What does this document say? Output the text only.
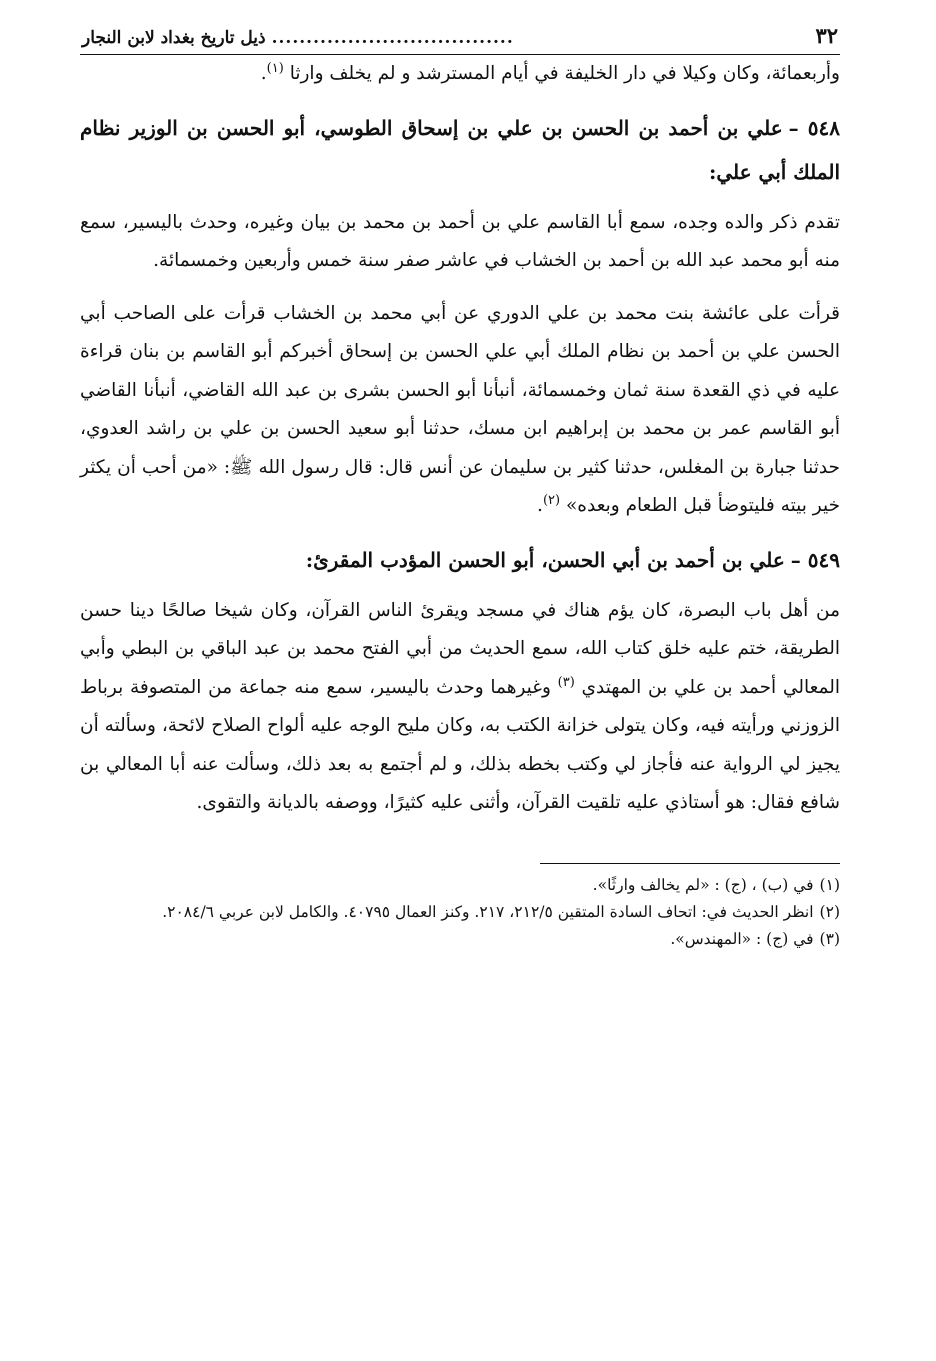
٣٢
...................................
ذيل تاريخ بغداد لابن النجار

وأربعمائة، وكان وكيلا في دار الخليفة في أيام المسترشد و لم يخلف وارثا $^{(١)}$.

٥٤٨ –علي بن أحمد بن الحسن بن علي بن إسحاق الطوسي، أبو الحسن بن الوزير نظام الملك أبي علي:

تقدم ذكر والده وجده، سمع أبا القاسم علي بن أحمد بن محمد بن بيان وغيره، وحدث باليسير، سمع منه أبو محمد عبد الله بن أحمد بن الخشاب في عاشر صفر سنة خمس وأربعين وخمسمائة.

قرأت على عائشة بنت محمد بن علي الدوري عن أبي محمد بن الخشاب قرأت على الصاحب أبي الحسن علي بن أحمد بن نظام الملك أبي علي الحسن بن إسحاق أخبركم أبو القاسم بن بنان قراءة عليه في ذي القعدة سنة ثمان وخمسمائة، أنبأنا أبو الحسن بشرى بن عبد الله القاضي، أنبأنا القاضي أبو القاسم عمر بن محمد بن إبراهيم ابن مسك، حدثنا أبو سعيد الحسن بن علي بن راشد العدوي، حدثنا جبارة بن المغلس، حدثنا كثير بن سليمان عن أنس قال: قال رسول الله ﷺ: «من أحب أن يكثر خير بيته فليتوضأ قبل الطعام وبعده» $^{(٢)}$.

٥٤٩ –علي بن أحمد بن أبي الحسن، أبو الحسن المؤدب المقرئ:

من أهل باب البصرة، كان يؤم هناك في مسجد ويقرئ الناس القرآن، وكان شيخا صالحًا دينا حسن الطريقة، ختم عليه خلق كتاب الله، سمع الحديث من أبي الفتح محمد بن عبد الباقي بن البطي وأبي المعالي أحمد بن علي بن المهتدي $^{(٣)}$ وغيرهما وحدث باليسير، سمع منه جماعة من المتصوفة برباط الزوزني ورأيته فيه، وكان يتولى خزانة الكتب به، وكان مليح الوجه عليه ألواح الصلاح لائحة، وسألته أن يجيز لي الرواية عنه فأجاز لي وكتب بخطه بذلك، و لم أجتمع به بعد ذلك، وسألت عنه أبا المعالي بن شافع فقال: هو أستاذي عليه تلقيت القرآن، وأثنى عليه كثيرًا، ووصفه بالديانة والتقوى.

(١)في (ب) ، (ج) : «لم يخالف وارثًا».
(٢)انظر الحديث في: اتحاف السادة المتقين ٢١٢/٥، ٢١٧. وكنز العمال ٤٠٧٩٥. والكامل لابن عربي ٢٠٨٤/٦.
(٣)في (ج) : «المهندس».
